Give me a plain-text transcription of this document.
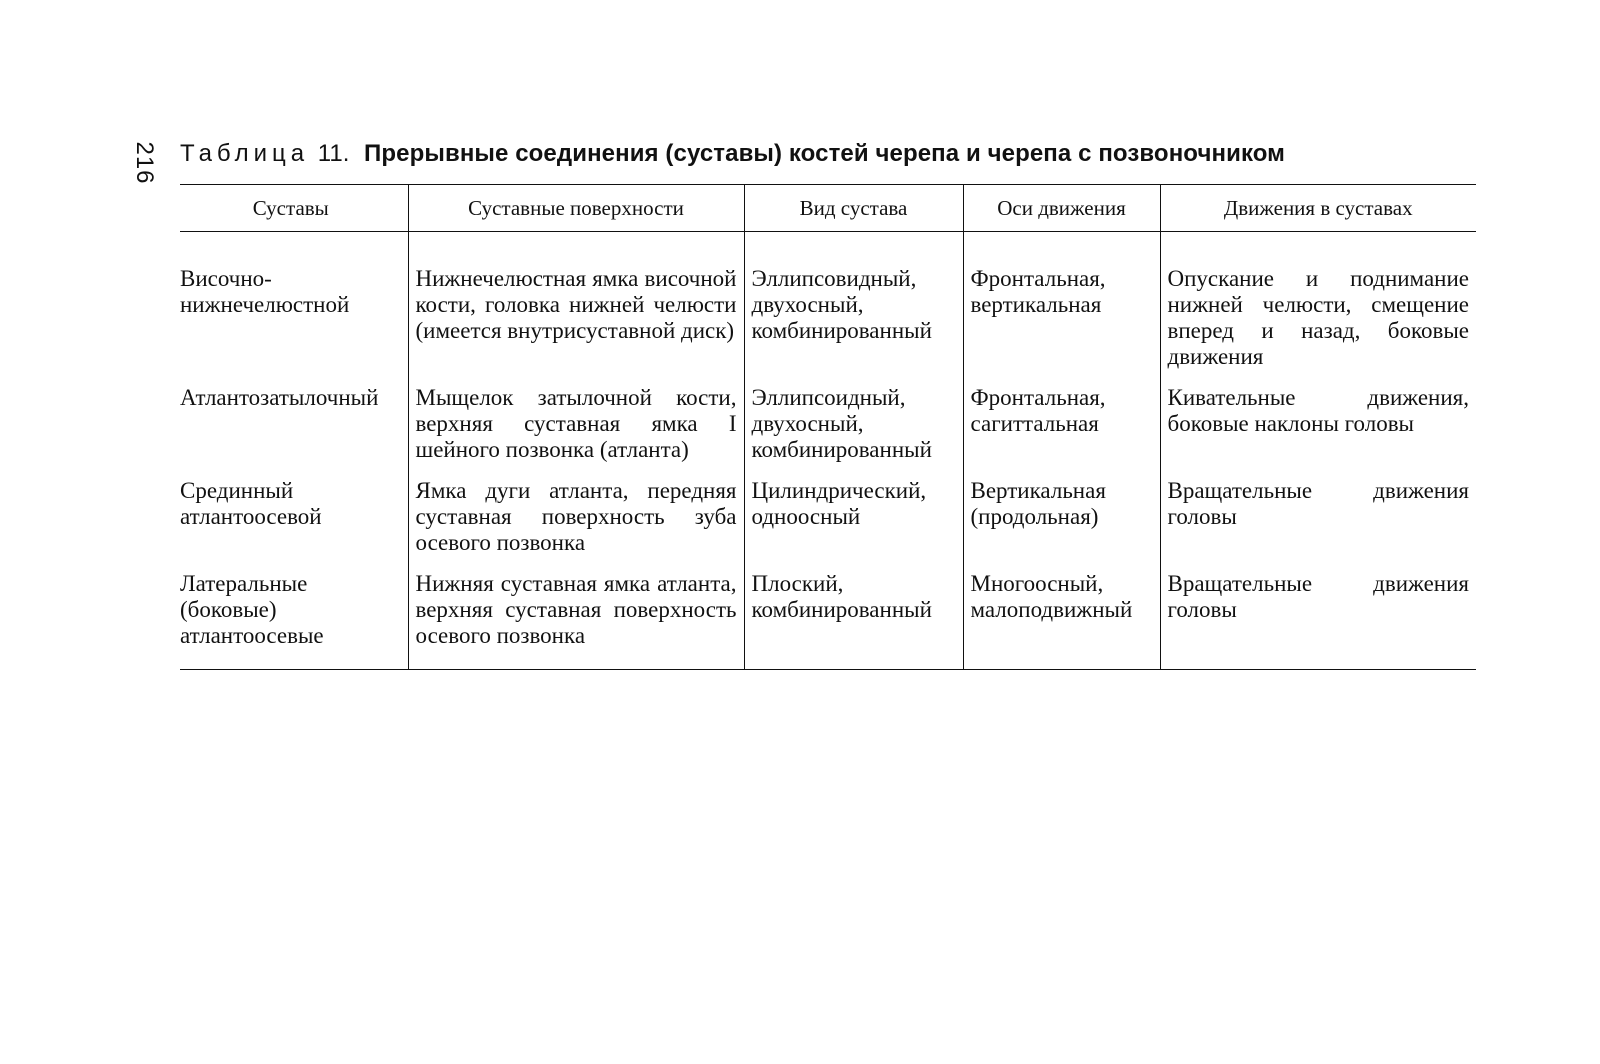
216 Таблица 11. Прерывные соединения (суставы) костей черепа и черепа с позвоночником
Суставы	Суставные поверхности	Вид сустава	Оси движения	Движения в суставах

Височно-нижнечелюстной	Нижнечелюстная ямка височной кости, головка нижней челюсти (имеется внутрисуставной диск)	Эллипсовидный, двухосный, комбинированный	Фронтальная, вертикальная	Опускание и поднимание нижней челюсти, смещение вперед и назад, боковые движения

Атлантозатылочный	Мыщелок затылочной кости, верхняя суставная ямка I шейного позвонка (атланта)	Эллипсоидный, двухосный, комбинированный	Фронтальная, сагиттальная	Кивательные движения, боковые наклоны головы

Срединный атлантоосевой	Ямка дуги атланта, передняя суставная поверхность зуба осевого позвонка	Цилиндрический, одноосный	Вертикальная (продольная)	Вращательные движения головы

Латеральные (боковые) атлантоосевые	Нижняя суставная ямка атланта, верхняя суставная поверхность осевого позвонка	Плоский, комбинированный	Многоосный, малоподвижный	Вращательные движения головы
